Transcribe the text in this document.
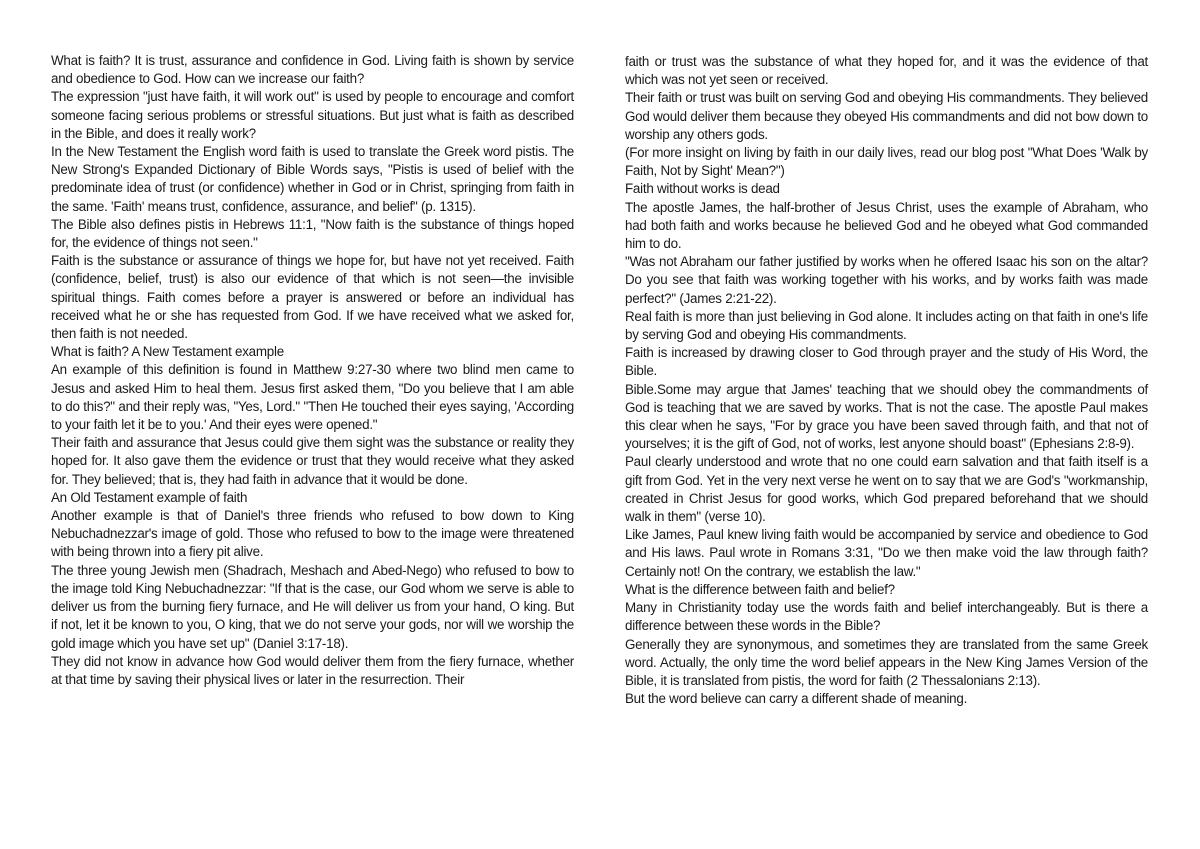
What is faith? It is trust, assurance and confidence in God. Living faith is shown by service and obedience to God. How can we increase our faith?

The expression "just have faith, it will work out" is used by people to encourage and comfort someone facing serious problems or stressful situations. But just what is faith as described in the Bible, and does it really work?

In the New Testament the English word faith is used to translate the Greek word pistis. The New Strong's Expanded Dictionary of Bible Words says, "Pistis is used of belief with the predominate idea of trust (or confidence) whether in God or in Christ, springing from faith in the same. 'Faith' means trust, confidence, assurance, and belief" (p. 1315).

The Bible also defines pistis in Hebrews 11:1, "Now faith is the substance of things hoped for, the evidence of things not seen."

Faith is the substance or assurance of things we hope for, but have not yet received. Faith (confidence, belief, trust) is also our evidence of that which is not seen—the invisible spiritual things. Faith comes before a prayer is answered or before an individual has received what he or she has requested from God. If we have received what we asked for, then faith is not needed.

What is faith? A New Testament example

An example of this definition is found in Matthew 9:27-30 where two blind men came to Jesus and asked Him to heal them. Jesus first asked them, "Do you believe that I am able to do this?" and their reply was, "Yes, Lord." "Then He touched their eyes saying, 'According to your faith let it be to you.' And their eyes were opened."

Their faith and assurance that Jesus could give them sight was the substance or reality they hoped for. It also gave them the evidence or trust that they would receive what they asked for. They believed; that is, they had faith in advance that it would be done.

An Old Testament example of faith

Another example is that of Daniel's three friends who refused to bow down to King Nebuchadnezzar's image of gold. Those who refused to bow to the image were threatened with being thrown into a fiery pit alive.

The three young Jewish men (Shadrach, Meshach and Abed-Nego) who refused to bow to the image told King Nebuchadnezzar: "If that is the case, our God whom we serve is able to deliver us from the burning fiery furnace, and He will deliver us from your hand, O king. But if not, let it be known to you, O king, that we do not serve your gods, nor will we worship the gold image which you have set up" (Daniel 3:17-18).

They did not know in advance how God would deliver them from the fiery furnace, whether at that time by saving their physical lives or later in the resurrection. Their

faith or trust was the substance of what they hoped for, and it was the evidence of that which was not yet seen or received.

Their faith or trust was built on serving God and obeying His commandments. They believed God would deliver them because they obeyed His commandments and did not bow down to worship any others gods.

(For more insight on living by faith in our daily lives, read our blog post "What Does 'Walk by Faith, Not by Sight' Mean?")

Faith without works is dead

The apostle James, the half-brother of Jesus Christ, uses the example of Abraham, who had both faith and works because he believed God and he obeyed what God commanded him to do.

"Was not Abraham our father justified by works when he offered Isaac his son on the altar? Do you see that faith was working together with his works, and by works faith was made perfect?" (James 2:21-22).

Real faith is more than just believing in God alone. It includes acting on that faith in one's life by serving God and obeying His commandments.

Faith is increased by drawing closer to God through prayer and the study of His Word, the Bible.

Bible.Some may argue that James' teaching that we should obey the commandments of God is teaching that we are saved by works. That is not the case. The apostle Paul makes this clear when he says, "For by grace you have been saved through faith, and that not of yourselves; it is the gift of God, not of works, lest anyone should boast" (Ephesians 2:8-9).

Paul clearly understood and wrote that no one could earn salvation and that faith itself is a gift from God. Yet in the very next verse he went on to say that we are God's "workmanship, created in Christ Jesus for good works, which God prepared beforehand that we should walk in them" (verse 10).

Like James, Paul knew living faith would be accompanied by service and obedience to God and His laws. Paul wrote in Romans 3:31, "Do we then make void the law through faith? Certainly not! On the contrary, we establish the law."

What is the difference between faith and belief?

Many in Christianity today use the words faith and belief interchangeably. But is there a difference between these words in the Bible?

Generally they are synonymous, and sometimes they are translated from the same Greek word. Actually, the only time the word belief appears in the New King James Version of the Bible, it is translated from pistis, the word for faith (2 Thessalonians 2:13).

But the word believe can carry a different shade of meaning.
